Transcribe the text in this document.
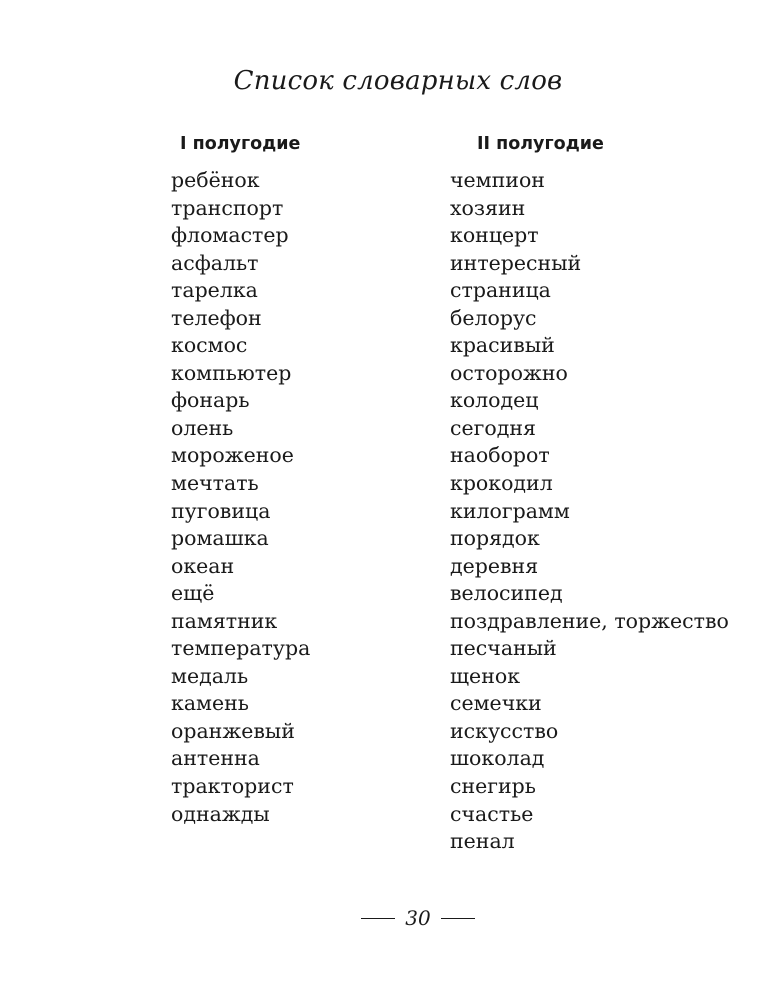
Список словарных слов
I полугодие	II полугодие
ребёнок
транспорт
фломастер
асфальт
тарелка
телефон
космос
компьютер
фонарь
олень
мороженое
мечтать
пуговица
ромашка
океан
ещё
памятник
температура
медаль
камень
оранжевый
антенна
тракторист
однажды
чемпион
хозяин
концерт
интересный
страница
белорус
красивый
осторожно
колодец
сегодня
наоборот
крокодил
килограмм
порядок
деревня
велосипед
поздравление, торжество
песчаный
щенок
семечки
искусство
шоколад
снегирь
счастье
пенал
30
